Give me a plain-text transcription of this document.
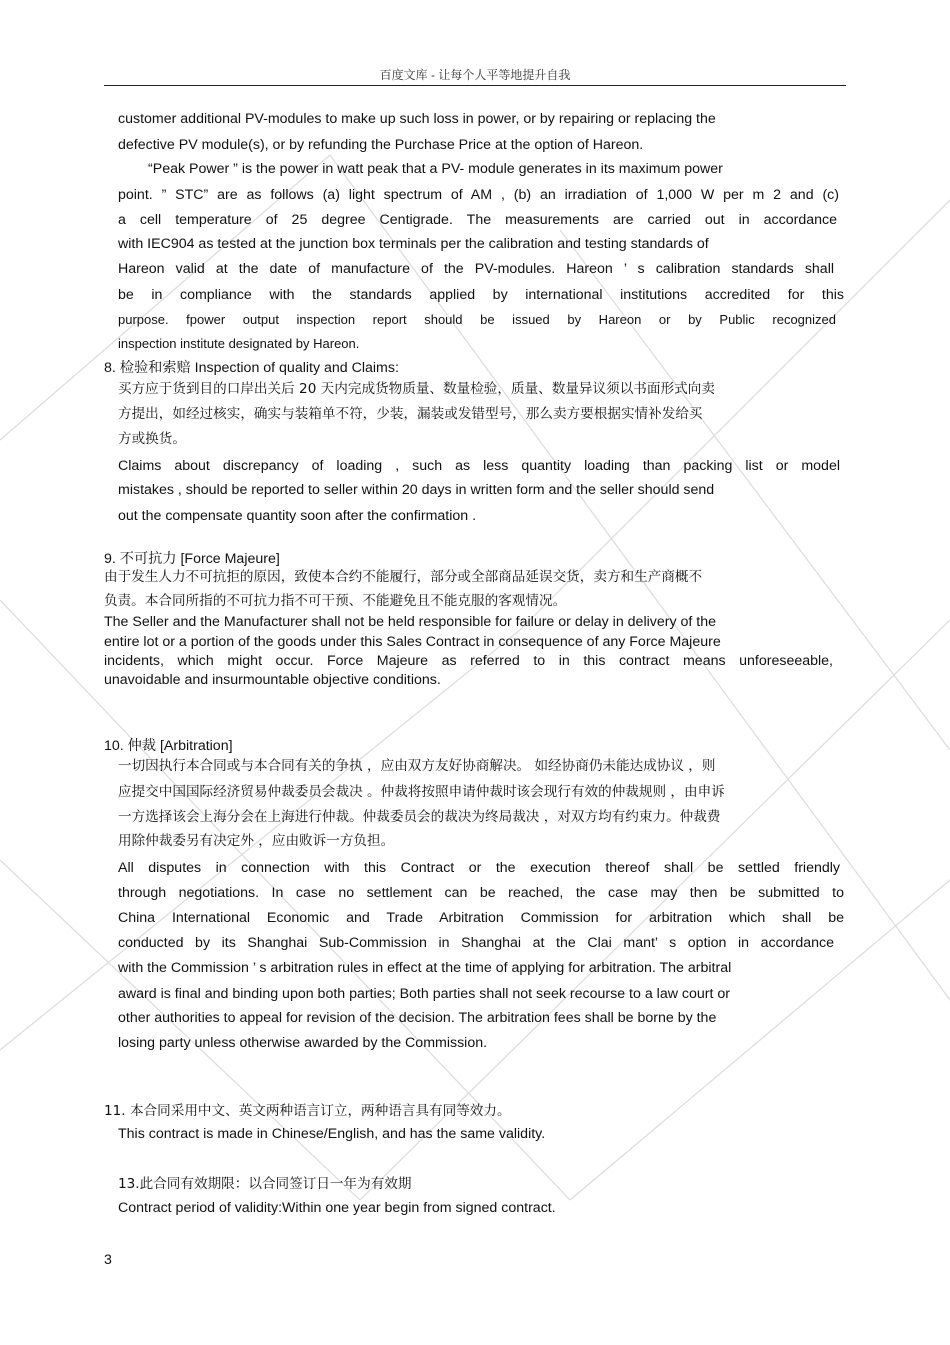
百度文库 - 让每个人平等地提升自我
customer additional PV-modules to make up such loss in power, or by repairing or replacing the
defective PV module(s), or by refunding the Purchase Price at the option of Hareon.
“Peak Power ” is the power in watt peak that a PV- module generates in its maximum power
point. ” STC” are as follows (a) light spectrum of AM , (b) an irradiation of 1,000 W per m 2 and (c)
a cell temperature of 25 degree Centigrade. The measurements are carried out in accordance
with IEC904 as tested at the junction box terminals per the calibration and testing standards of
Hareon valid at the date of manufacture of the PV-modules. Hareon ’ s calibration standards shall
be in compliance with the standards applied by international institutions accredited for this
purpose. fpower output inspection report should be issued by Hareon or by Public recognized
inspection institute designated by Hareon.
8. 检验和索赔 Inspection of quality and Claims:
买方应于货到目的口岸出关后 20 天内完成货物质量、数量检验，质量、数量异议须以书面形式向卖
方提出，如经过核实，确实与装箱单不符，少装，漏装或发错型号，那么卖方要根据实情补发给买
方或换货。
Claims about discrepancy of loading , such as less quantity loading than packing list or model
mistakes , should be reported to seller within 20 days in written form and the seller should send
out the compensate quantity soon after the confirmation .
9. 不可抗力 [Force Majeure]
由于发生人力不可抗拒的原因，致使本合约不能履行，部分或全部商品延误交货，卖方和生产商概不
负责。本合同所指的不可抗力指不可干预、不能避免且不能克服的客观情况。
The Seller and the Manufacturer shall not be held responsible for failure or delay in delivery of the
entire lot or a portion of the goods under this Sales Contract in consequence of any Force Majeure
incidents, which might occur. Force Majeure as referred to in this contract means unforeseeable,
unavoidable and insurmountable objective conditions.
10. 仲裁 [Arbitration]
一切因执行本合同或与本合同有关的争执 ，应由双方友好协商解决。 如经协商仍未能达成协议 ，则
应提交中国国际经济贸易仲裁委员会裁决 。仲裁将按照申请仲裁时该会现行有效的仲裁规则 ，由申诉
一方选择该会上海分会在上海进行仲裁。仲裁委员会的裁决为终局裁决 ，对双方均有约束力。仲裁费
用除仲裁委另有决定外 ，应由败诉一方负担。
All disputes in connection with this Contract or the execution thereof shall be settled friendly
through negotiations. In case no settlement can be reached, the case may then be submitted to
China International Economic and Trade Arbitration Commission for arbitration which shall be
conducted by its Shanghai Sub-Commission in Shanghai at the Clai mant’ s option in accordance
with the Commission ’ s arbitration rules in effect at the time of applying for arbitration. The arbitral
award is final and binding upon both parties; Both parties shall not seek recourse to a law court or
other authorities to appeal for revision of the decision. The arbitration fees shall be borne by the
losing party unless otherwise awarded by the Commission.
11. 本合同采用中文、英文两种语言订立，两种语言具有同等效力。
This contract is made in Chinese/English, and has the same validity.
13.此合同有效期限：以合同签订日一年为有效期
Contract period of validity:Within one year begin from signed contract.
3
